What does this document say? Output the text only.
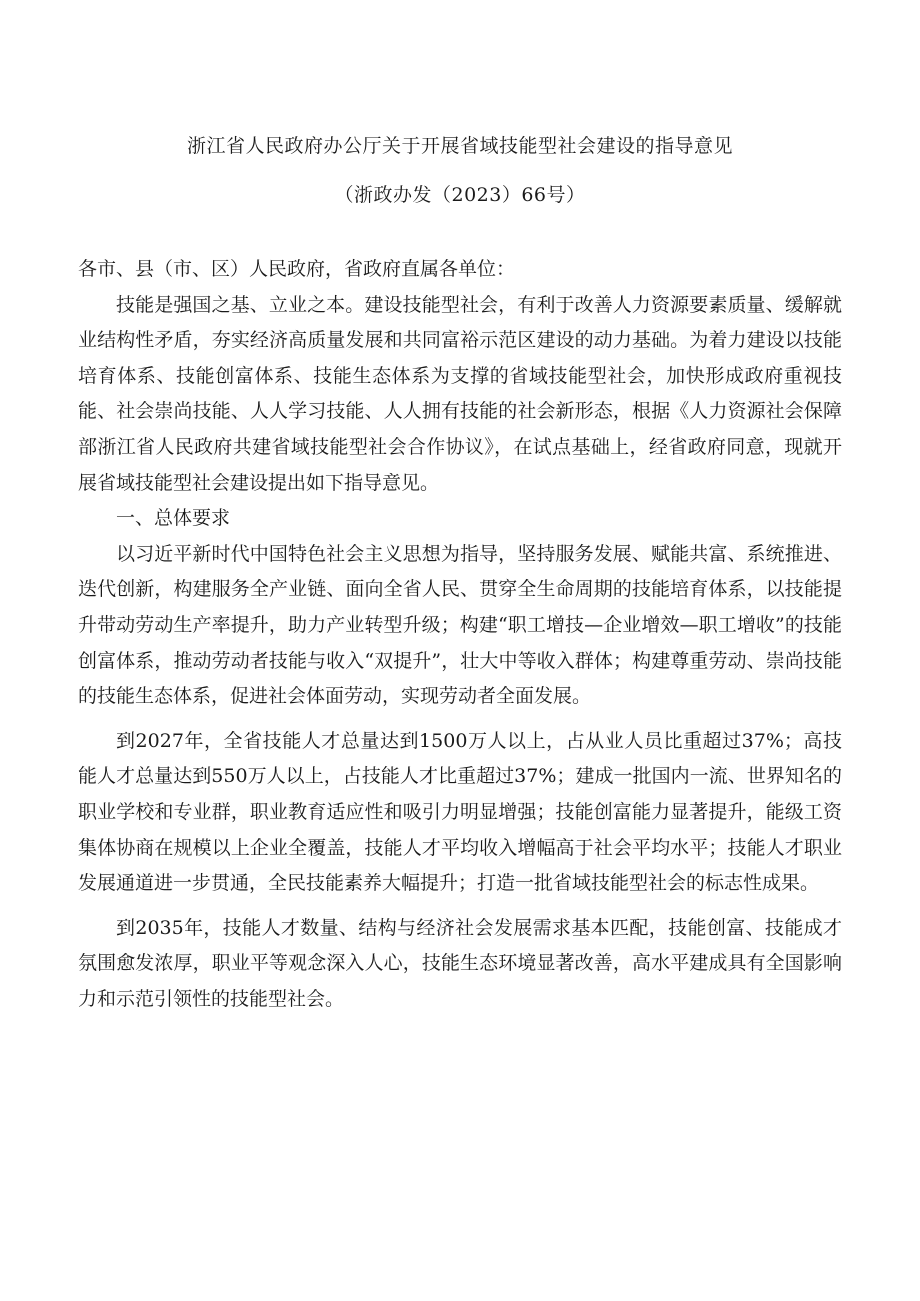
浙江省人民政府办公厅关于开展省域技能型社会建设的指导意见
（浙政办发（2023）66号）

各市、县（市、区）人民政府，省政府直属各单位：

技能是强国之基、立业之本。建设技能型社会，有利于改善人力资源要素质量、缓解就业结构性矛盾，夯实经济高质量发展和共同富裕示范区建设的动力基础。为着力建设以技能培育体系、技能创富体系、技能生态体系为支撑的省域技能型社会，加快形成政府重视技能、社会崇尚技能、人人学习技能、人人拥有技能的社会新形态，根据《人力资源社会保障部浙江省人民政府共建省域技能型社会合作协议》，在试点基础上，经省政府同意，现就开展省域技能型社会建设提出如下指导意见。

一、总体要求

以习近平新时代中国特色社会主义思想为指导，坚持服务发展、赋能共富、系统推进、迭代创新，构建服务全产业链、面向全省人民、贯穿全生命周期的技能培育体系，以技能提升带动劳动生产率提升，助力产业转型升级；构建“职工增技—企业增效—职工增收”的技能创富体系，推动劳动者技能与收入“双提升”，壮大中等收入群体；构建尊重劳动、崇尚技能的技能生态体系，促进社会体面劳动，实现劳动者全面发展。

到2027年，全省技能人才总量达到1500万人以上，占从业人员比重超过37%；高技能人才总量达到550万人以上，占技能人才比重超过37%；建成一批国内一流、世界知名的职业学校和专业群，职业教育适应性和吸引力明显增强；技能创富能力显著提升，能级工资集体协商在规模以上企业全覆盖，技能人才平均收入增幅高于社会平均水平；技能人才职业发展通道进一步贯通，全民技能素养大幅提升；打造一批省域技能型社会的标志性成果。

到2035年，技能人才数量、结构与经济社会发展需求基本匹配，技能创富、技能成才氛围愈发浓厚，职业平等观念深入人心，技能生态环境显著改善，高水平建成具有全国影响力和示范引领性的技能型社会。
